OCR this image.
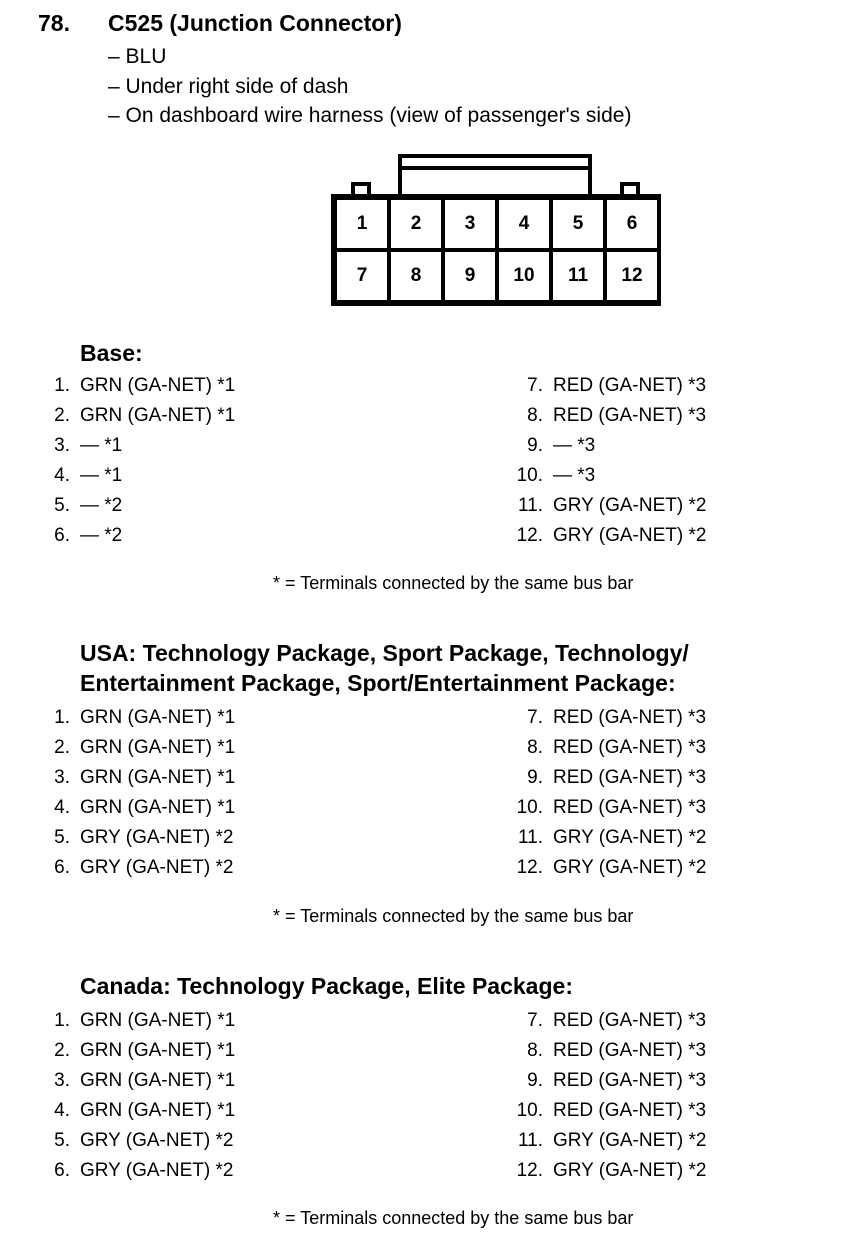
78. C525 (Junction Connector)
– BLU
– Under right side of dash
– On dashboard wire harness (view of passenger's side)
1	2	3	4	5	6
7	8	9	10	11	12
Base:
1. GRN (GA-NET) *1
2. GRN (GA-NET) *1
3. — *1
4. — *1
5. — *2
6. — *2
7. RED (GA-NET) *3
8. RED (GA-NET) *3
9. — *3
10. — *3
11. GRY (GA-NET) *2
12. GRY (GA-NET) *2
* = Terminals connected by the same bus bar
USA: Technology Package, Sport Package, Technology/
Entertainment Package, Sport/Entertainment Package:
1. GRN (GA-NET) *1
2. GRN (GA-NET) *1
3. GRN (GA-NET) *1
4. GRN (GA-NET) *1
5. GRY (GA-NET) *2
6. GRY (GA-NET) *2
7. RED (GA-NET) *3
8. RED (GA-NET) *3
9. RED (GA-NET) *3
10. RED (GA-NET) *3
11. GRY (GA-NET) *2
12. GRY (GA-NET) *2
* = Terminals connected by the same bus bar
Canada: Technology Package, Elite Package:
1. GRN (GA-NET) *1
2. GRN (GA-NET) *1
3. GRN (GA-NET) *1
4. GRN (GA-NET) *1
5. GRY (GA-NET) *2
6. GRY (GA-NET) *2
7. RED (GA-NET) *3
8. RED (GA-NET) *3
9. RED (GA-NET) *3
10. RED (GA-NET) *3
11. GRY (GA-NET) *2
12. GRY (GA-NET) *2
* = Terminals connected by the same bus bar
